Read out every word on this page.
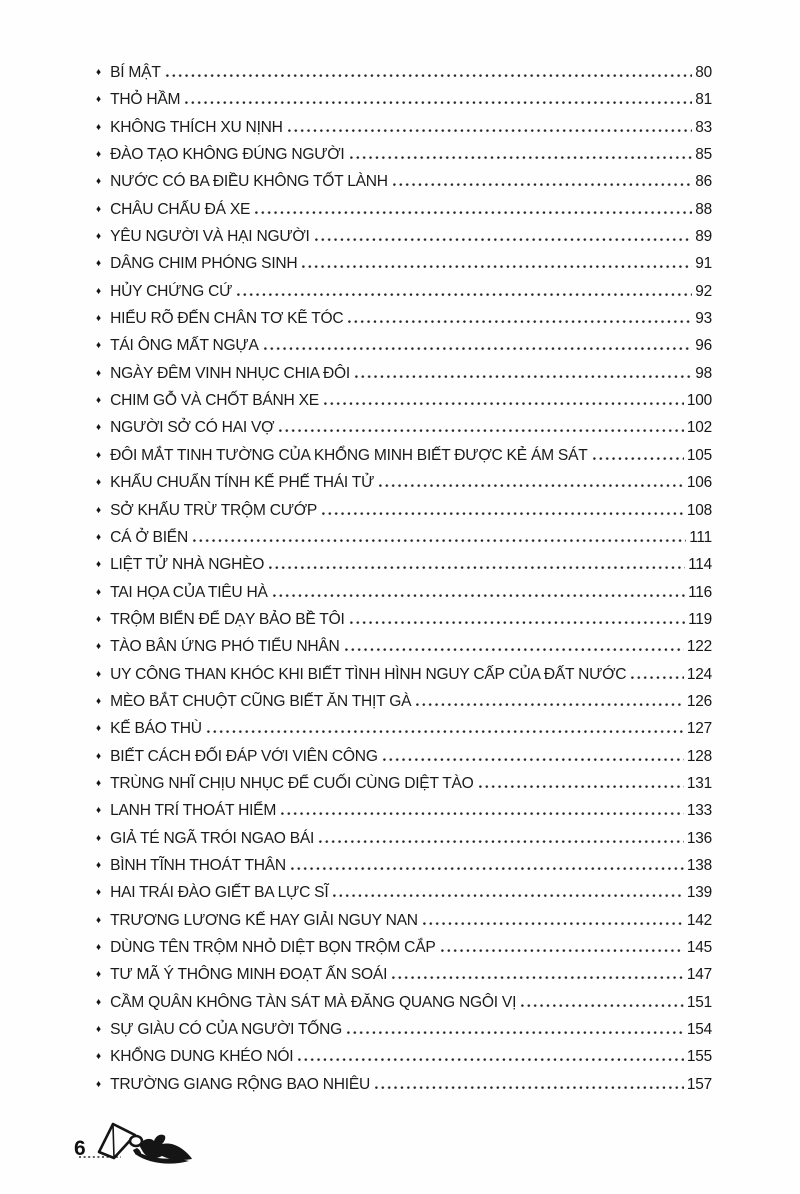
♦ BÍ MẬT	80
♦ THỎ HẦM	81
♦ KHÔNG THÍCH XU NỊNH	83
♦ ĐÀO TẠO KHÔNG ĐÚNG NGƯỜI	85
♦ NƯỚC CÓ BA ĐIỀU KHÔNG TỐT LÀNH	86
♦ CHÂU CHẤU ĐÁ XE	88
♦ YÊU NGƯỜI VÀ HẠI NGƯỜI	89
♦ DÂNG CHIM PHÓNG SINH	91
♦ HỦY CHỨNG CỨ	92
♦ HIỂU RÕ ĐẾN CHÂN TƠ KẼ TÓC	93
♦ TÁI ÔNG MẤT NGỰA	96
♦ NGÀY ĐÊM VINH NHỤC CHIA ĐÔI	98
♦ CHIM GỖ VÀ CHỐT BÁNH XE	100
♦ NGƯỜI SỞ CÓ HAI VỢ	102
♦ ĐÔI MẮT TINH TƯỜNG CỦA KHỔNG MINH BIẾT ĐƯỢC KẺ ÁM SÁT	105
♦ KHẤU CHUẨN TÍNH KẾ PHẾ THÁI TỬ	106
♦ SỞ KHẤU TRỪ TRỘM CƯỚP	108
♦ CÁ Ở BIỂN	111
♦ LIỆT TỬ NHÀ NGHÈO	114
♦ TAI HỌA CỦA TIÊU HÀ	116
♦ TRỘM BIỂN ĐỂ DẠY BẢO BỀ TÔI	119
♦ TÀO BÂN ỨNG PHÓ TIỂU NHÂN	122
♦ UY CÔNG THAN KHÓC KHI BIẾT TÌNH HÌNH NGUY CẤP CỦA ĐẤT NƯỚC	124
♦ MÈO BẮT CHUỘT CŨNG BIẾT ĂN THỊT GÀ	126
♦ KẾ BÁO THÙ	127
♦ BIẾT CÁCH ĐỐI ĐÁP VỚI VIÊN CÔNG	128
♦ TRÙNG NHĨ CHỊU NHỤC ĐỂ CUỐI CÙNG DIỆT TÀO	131
♦ LANH TRÍ THOÁT HIỂM	133
♦ GIẢ TÉ NGÃ TRÓI NGAO BÁI	136
♦ BÌNH TĨNH THOÁT THÂN	138
♦ HAI TRÁI ĐÀO GIẾT BA LỰC SĨ	139
♦ TRƯƠNG LƯƠNG KẾ HAY GIẢI NGUY NAN	142
♦ DÙNG TÊN TRỘM NHỎ DIỆT BỌN TRỘM CẮP	145
♦ TƯ MÃ Ý THÔNG MINH ĐOẠT ẤN SOÁI	147
♦ CẦM QUÂN KHÔNG TÀN SÁT MÀ ĐĂNG QUANG NGÔI VỊ	151
♦ SỰ GIÀU CÓ CỦA NGƯỜI TỐNG	154
♦ KHỔNG DUNG KHÉO NÓI	155
♦ TRƯỜNG GIANG RỘNG BAO NHIÊU	157
6
